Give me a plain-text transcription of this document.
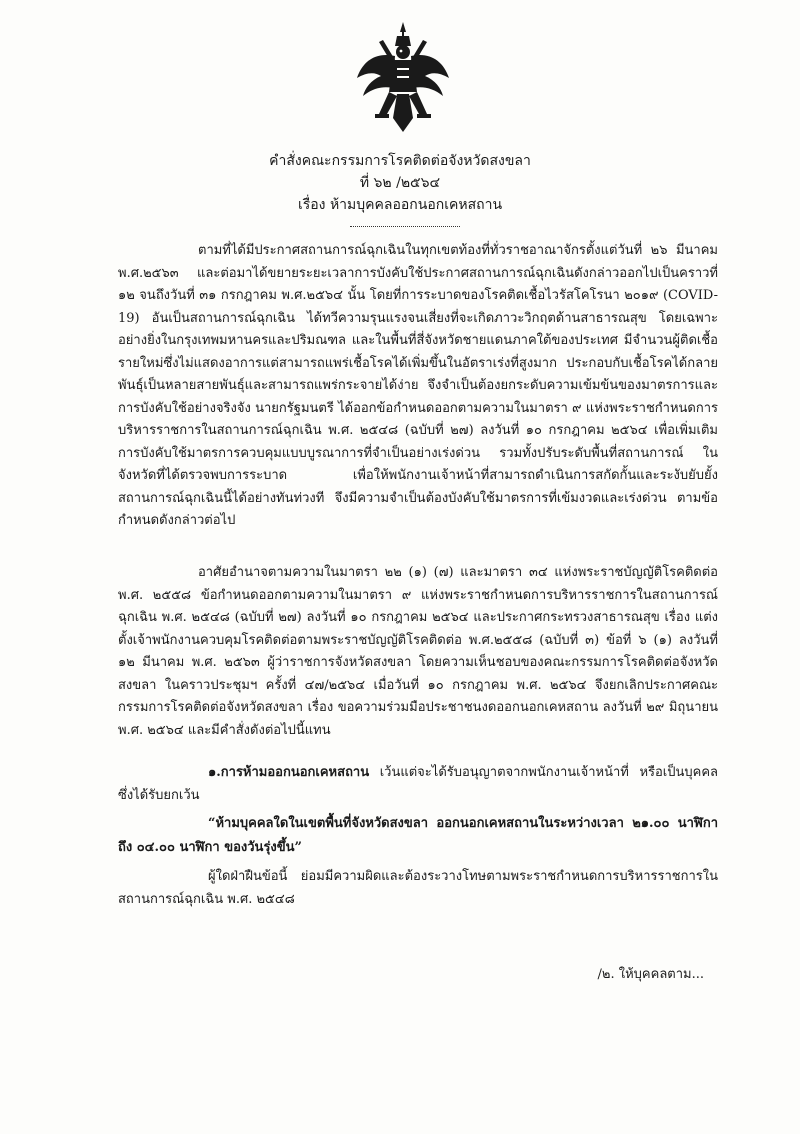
คำสั่งคณะกรรมการโรคติดต่อจังหวัดสงขลา
ที่ ๖๒ /๒๕๖๔
เรื่อง ห้ามบุคคลออกนอกเคหสถาน
ตามที่ได้มีประกาศสถานการณ์ฉุกเฉินในทุกเขตท้องที่ทั่วราชอาณาจักรตั้งแต่วันที่ ๒๖ มีนาคม พ.ศ.๒๕๖๓ และต่อมาได้ขยายระยะเวลาการบังคับใช้ประกาศสถานการณ์ฉุกเฉินดังกล่าวออกไปเป็นคราวที่ ๑๒ จนถึงวันที่ ๓๑ กรกฎาคม พ.ศ.๒๕๖๔ นั้น โดยที่การระบาดของโรคติดเชื้อไวรัสโคโรนา ๒๐๑๙ (COVID-19) อันเป็นสถานการณ์ฉุกเฉิน ได้ทวีความรุนแรงจนเสี่ยงที่จะเกิดภาวะวิกฤตด้านสาธารณสุข โดยเฉพาะอย่างยิ่งในกรุงเทพมหานครและปริมณฑล และในพื้นที่สี่จังหวัดชายแดนภาคใต้ของประเทศ มีจำนวนผู้ติดเชื้อรายใหม่ซึ่งไม่แสดงอาการแต่สามารถแพร่เชื้อโรคได้เพิ่มขึ้นในอัตราเร่งที่สูงมาก ประกอบกับเชื้อโรคได้กลายพันธุ์เป็นหลายสายพันธุ์และสามารถแพร่กระจายได้ง่าย จึงจำเป็นต้องยกระดับความเข้มข้นของมาตรการและการบังคับใช้อย่างจริงจัง นายกรัฐมนตรี ได้ออกข้อกำหนดออกตามความในมาตรา ๙ แห่งพระราชกำหนดการบริหารราชการในสถานการณ์ฉุกเฉิน พ.ศ. ๒๕๔๘ (ฉบับที่ ๒๗) ลงวันที่ ๑๐ กรกฎาคม ๒๕๖๔ เพื่อเพิ่มเติมการบังคับใช้มาตรการควบคุมแบบบูรณาการที่จำเป็นอย่างเร่งด่วน รวมทั้งปรับระดับพื้นที่สถานการณ์ ในจังหวัดที่ได้ตรวจพบการระบาด เพื่อให้พนักงานเจ้าหน้าที่สามารถดำเนินการสกัดกั้นและระงับยับยั้งสถานการณ์ฉุกเฉินนี้ได้อย่างทันท่วงที จึงมีความจำเป็นต้องบังคับใช้มาตรการที่เข้มงวดและเร่งด่วน ตามข้อกำหนดดังกล่าวต่อไป
อาศัยอำนาจตามความในมาตรา ๒๒ (๑) (๗) และมาตรา ๓๔ แห่งพระราชบัญญัติโรคติดต่อ พ.ศ. ๒๕๕๘ ข้อกำหนดออกตามความในมาตรา ๙ แห่งพระราชกำหนดการบริหารราชการในสถานการณ์ฉุกเฉิน พ.ศ. ๒๕๔๘ (ฉบับที่ ๒๗) ลงวันที่ ๑๐ กรกฎาคม ๒๕๖๔ และประกาศกระทรวงสาธารณสุข เรื่อง แต่งตั้งเจ้าพนักงานควบคุมโรคติดต่อตามพระราชบัญญัติโรคติดต่อ พ.ศ.๒๕๕๘ (ฉบับที่ ๓) ข้อที่ ๖ (๑) ลงวันที่ ๑๒ มีนาคม พ.ศ. ๒๕๖๓ ผู้ว่าราชการจังหวัดสงขลา โดยความเห็นชอบของคณะกรรมการโรคติดต่อจังหวัดสงขลา ในคราวประชุมฯ ครั้งที่ ๔๗/๒๕๖๔ เมื่อวันที่ ๑๐ กรกฎาคม พ.ศ. ๒๕๖๔ จึงยกเลิกประกาศคณะกรรมการโรคติดต่อจังหวัดสงขลา เรื่อง ขอความร่วมมือประชาชนงดออกนอกเคหสถาน ลงวันที่ ๒๙ มิถุนายน พ.ศ. ๒๕๖๔ และมีคำสั่งดังต่อไปนี้แทน
๑.การห้ามออกนอกเคหสถาน เว้นแต่จะได้รับอนุญาตจากพนักงานเจ้าหน้าที่ หรือเป็นบุคคลซึ่งได้รับยกเว้น
“ห้ามบุคคลใดในเขตพื้นที่จังหวัดสงขลา ออกนอกเคหสถานในระหว่างเวลา ๒๑.๐๐ นาฬิกา ถึง ๐๔.๐๐ นาฬิกา ของวันรุ่งขึ้น”
ผู้ใดฝ่าฝืนข้อนี้ ย่อมมีความผิดและต้องระวางโทษตามพระราชกำหนดการบริหารราชการในสถานการณ์ฉุกเฉิน พ.ศ. ๒๕๔๘
/๒. ให้บุคคลตาม...
